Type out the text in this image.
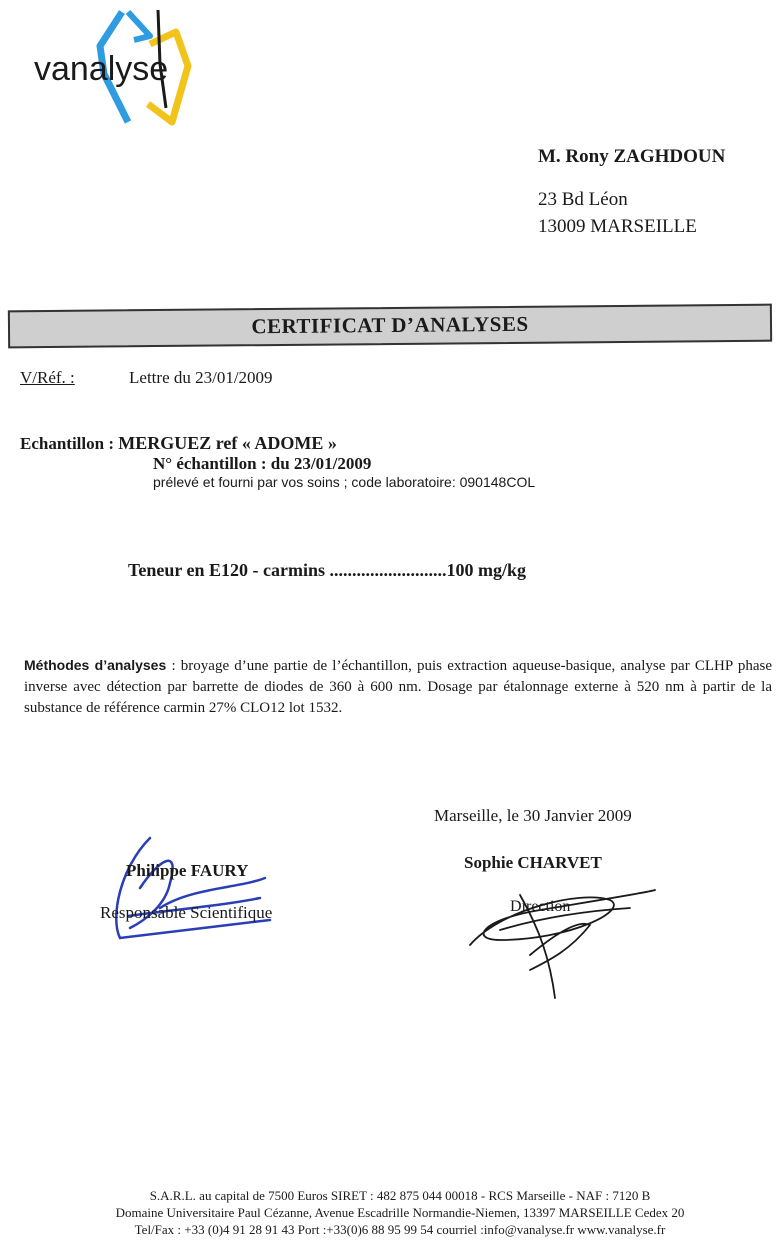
vanalyse
M. Rony ZAGHDOUN
23 Bd Léon
13009 MARSEILLE
CERTIFICAT D’ANALYSES
V/Réf. :	Lettre du 23/01/2009
Echantillon : MERGUEZ ref « ADOME »
N° échantillon : du 23/01/2009
prélevé et fourni par vos soins ; code laboratoire: 090148COL
Teneur en E120 - carmins ..........................100 mg/kg
Méthodes d’analyses : broyage d’une partie de l’échantillon, puis extraction aqueuse-basique, analyse par CLHP phase inverse avec détection par barrette de diodes de 360 à 600 nm. Dosage par étalonnage externe à 520 nm à partir de la substance de référence carmin 27% CLO12 lot 1532.
Marseille, le 30 Janvier 2009
Philippe FAURY
Responsable Scientifique
Sophie CHARVET
Direction
S.A.R.L. au capital de 7500 Euros SIRET : 482 875 044 00018 - RCS Marseille - NAF : 7120 B
Domaine Universitaire Paul Cézanne, Avenue Escadrille Normandie-Niemen, 13397 MARSEILLE Cedex 20
Tel/Fax : +33 (0)4 91 28 91 43 Port :+33(0)6 88 95 99 54 courriel :info@vanalyse.fr www.vanalyse.fr
